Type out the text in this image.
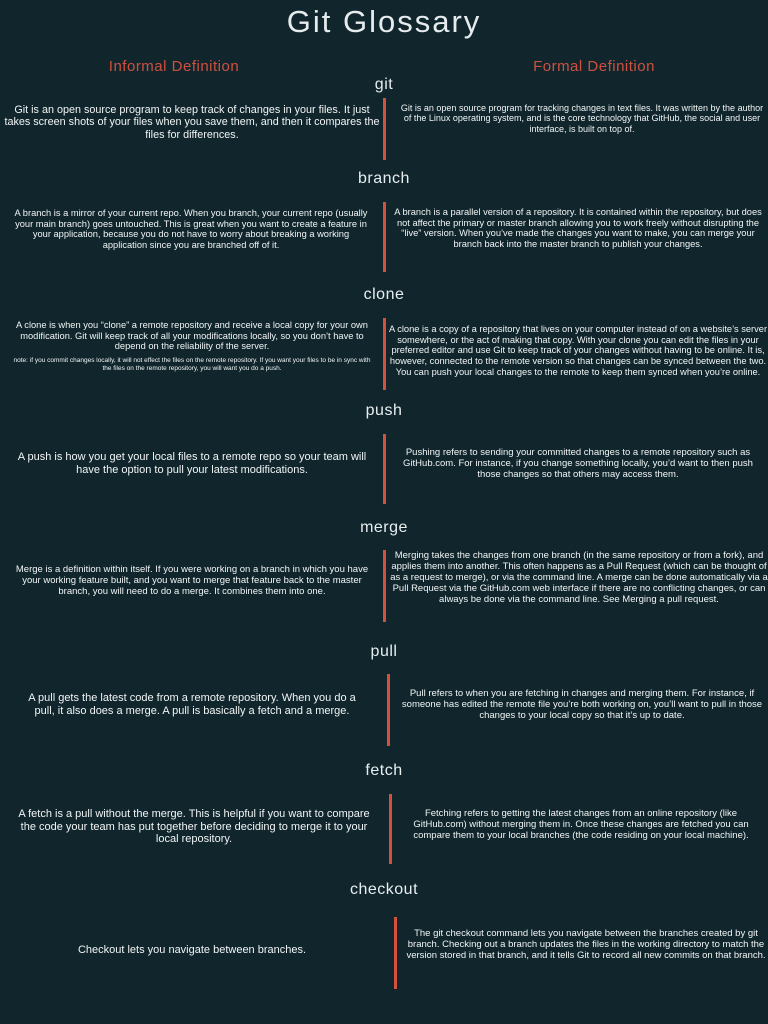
Git Glossary
Informal Definition	Formal Definition
git
Git is an open source program to keep track of changes in your files. It just takes screen shots of your files when you save them, and then it compares the files for differences.
Git is an open source program for tracking changes in text files. It was written by the author of the Linux operating system, and is the core technology that GitHub, the social and user interface, is built on top of.
branch
A branch is a mirror of your current repo. When you branch, your current repo (usually your main branch) goes untouched. This is great when you want to create a feature in your application, because you do not have to worry about breaking a working application since you are branched off of it.
A branch is a parallel version of a repository. It is contained within the repository, but does not affect the primary or master branch allowing you to work freely without disrupting the “live” version. When you’ve made the changes you want to make, you can merge your branch back into the master branch to publish your changes.
clone
A clone is when you “clone” a remote repository and receive a local copy for your own modification. Git will keep track of all your modifications locally, so you don’t have to depend on the reliability of the server.
note: if you commit changes locally, it will not effect the files on the remote repository. If you want your files to be in sync with the files on the remote repository, you will want you do a push.
A clone is a copy of a repository that lives on your computer instead of on a website’s server somewhere, or the act of making that copy. With your clone you can edit the files in your preferred editor and use Git to keep track of your changes without having to be online. It is, however, connected to the remote version so that changes can be synced between the two. You can push your local changes to the remote to keep them synced when you’re online.
push
A push is how you get your local files to a remote repo so your team will have the option to pull your latest modifications.
Pushing refers to sending your committed changes to a remote repository such as GitHub.com. For instance, if you change something locally, you’d want to then push those changes so that others may access them.
merge
Merge is a definition within itself. If you were working on a branch in which you have your working feature built, and you want to merge that feature back to the master branch, you will need to do a merge. It combines them into one.
Merging takes the changes from one branch (in the same repository or from a fork), and applies them into another. This often happens as a Pull Request (which can be thought of as a request to merge), or via the command line. A merge can be done automatically via a Pull Request via the GitHub.com web interface if there are no conflicting changes, or can always be done via the command line. See Merging a pull request.
pull
A pull gets the latest code from a remote repository. When you do a pull, it also does a merge. A pull is basically a fetch and a merge.
Pull refers to when you are fetching in changes and merging them. For instance, if someone has edited the remote file you’re both working on, you’ll want to pull in those changes to your local copy so that it’s up to date.
fetch
A fetch is a pull without the merge. This is helpful if you want to compare the code your team has put together before deciding to merge it to your local repository.
Fetching refers to getting the latest changes from an online repository (like GitHub.com) without merging them in. Once these changes are fetched you can compare them to your local branches (the code residing on your local machine).
checkout
Checkout lets you navigate between branches.
The git checkout command lets you navigate between the branches created by git branch. Checking out a branch updates the files in the working directory to match the version stored in that branch, and it tells Git to record all new commits on that branch.
